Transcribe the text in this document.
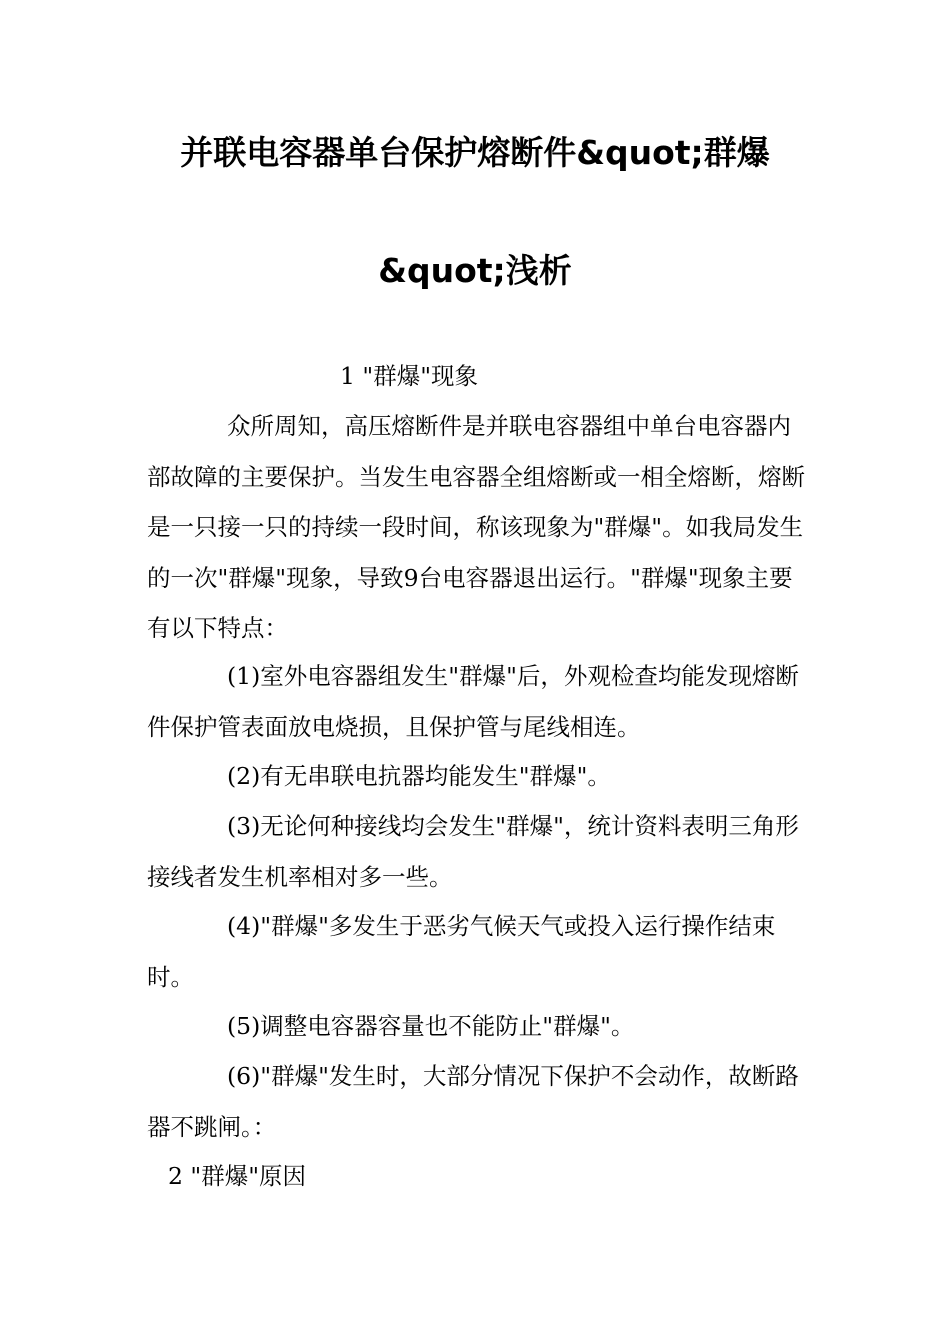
并联电容器单台保护熔断件&quot;群爆
&quot;浅析
1 "群爆"现象
众所周知，高压熔断件是并联电容器组中单台电容器内部故障的主要保护。当发生电容器全组熔断或一相全熔断，熔断是一只接一只的持续一段时间，称该现象为"群爆"。如我局发生的一次"群爆"现象，导致9台电容器退出运行。"群爆"现象主要有以下特点：
(1)室外电容器组发生"群爆"后，外观检查均能发现熔断件保护管表面放电烧损，且保护管与尾线相连。
(2)有无串联电抗器均能发生"群爆"。
(3)无论何种接线均会发生"群爆"，统计资料表明三角形接线者发生机率相对多一些。
(4)"群爆"多发生于恶劣气候天气或投入运行操作结束时。
(5)调整电容器容量也不能防止"群爆"。
(6)"群爆"发生时，大部分情况下保护不会动作，故断路器不跳闸。：
2 "群爆"原因
